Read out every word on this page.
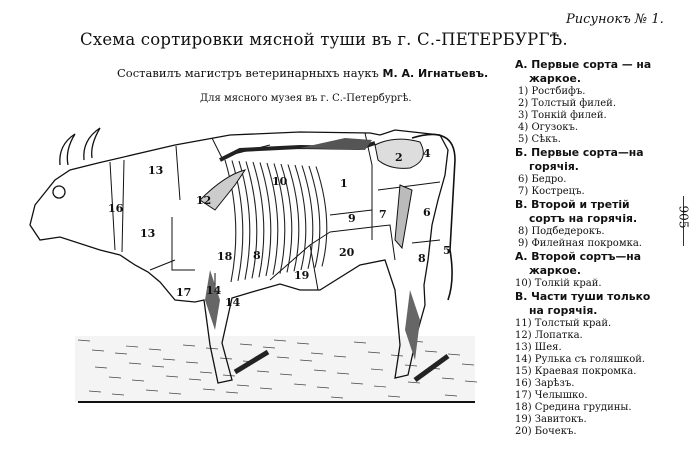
Рисунокъ № 1.
Схема сортировки мясной туши въ г. С.-ПЕТЕРБУРГѢ.
Составилъ магистръ ветеринарныхъ наукъ М. А. Игнатьевъ.
Для мясного музея въ г. С.-Петербургѣ.
905
13
13
16
12
10	1
2 4
9 7	6
20	8
8	5
19
17 14
14
18
А. Первые сорта — на
жаркое.
1) Ростбифъ.
2) Толстый филей.
3) Тонкій филей.
4) Огузокъ.
5) Сѣкъ.
Б. Первые сорта—на
горячія.
6) Бедро.
7) Кострецъ.
В. Второй и третій
сортъ на горячія.
8) Подбедерокъ.
9) Филейная покромка.
А. Второй сортъ—на
жаркое.
10) Толкій край.
В. Части туши только
на горячія.
11) Толстый край.
12) Лопатка.
13) Шея.
14) Рулька съ голяшкой.
15) Краевая покромка.
16) Зарѣзъ.
17) Челышко.
18) Средина грудины.
19) Завитокъ.
20) Бочекъ.
